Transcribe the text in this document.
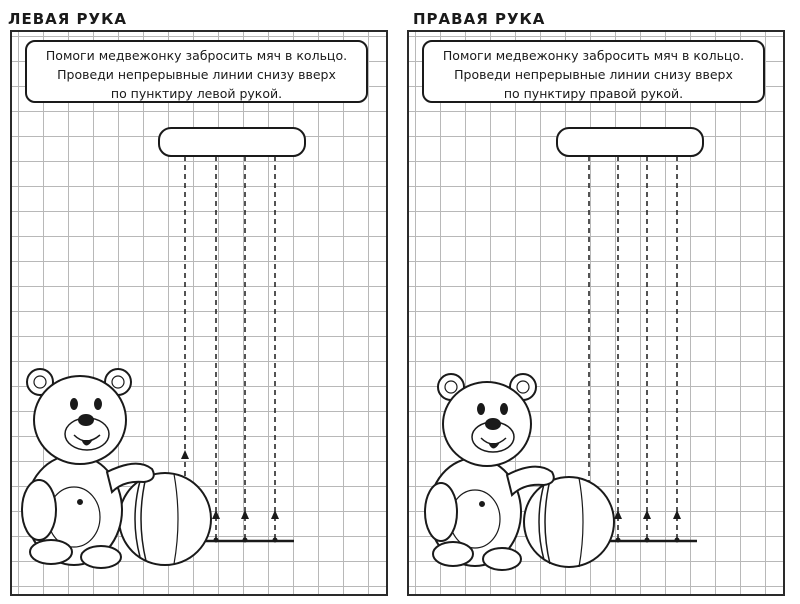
ЛЕВАЯ РУКА
Помоги медвежонку забросить мяч в кольцо.
Проведи непрерывные линии снизу вверх
по пунктиру левой рукой.
ПРАВАЯ РУКА
Помоги медвежонку забросить мяч в кольцо.
Проведи непрерывные линии снизу вверх
по пунктиру правой рукой.
